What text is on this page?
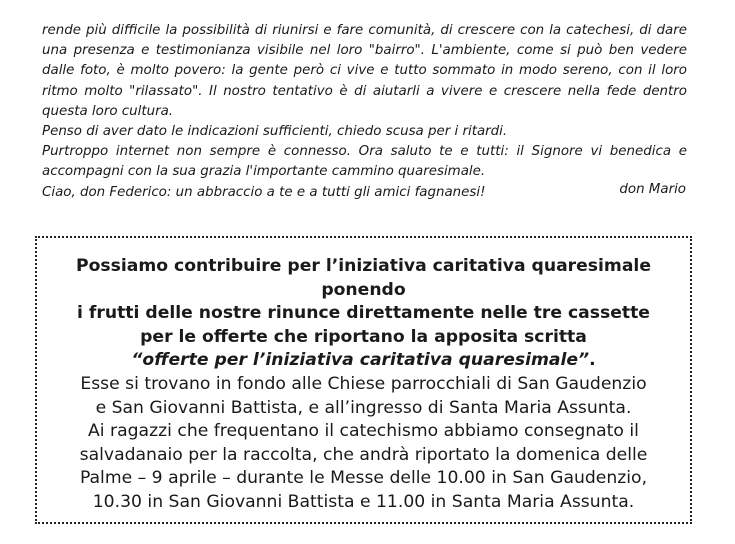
rende più difficile la possibilità di riunirsi e fare comunità, di crescere con la catechesi, di dare una presenza e testimonianza visibile nel loro "bairro". L'ambiente, come si può ben vedere dalle foto, è molto povero: la gente però ci vive e tutto sommato in modo sereno, con il loro ritmo molto "rilassato". Il nostro tentativo è di aiutarli a vivere e crescere nella fede dentro questa loro cultura.

Penso di aver dato le indicazioni sufficienti, chiedo scusa per i ritardi.

Purtroppo internet non sempre è connesso. Ora saluto te e tutti: il Signore vi benedica e accompagni con la sua grazia l'importante cammino quaresimale.

Ciao, don Federico: un abbraccio a te e a tutti gli amici fagnanesi!	don Mario
Possiamo contribuire per l’iniziativa caritativa quaresimale ponendo
i frutti delle nostre rinunce direttamente nelle tre cassette
per le offerte che riportano la apposita scritta
“offerte per l’iniziativa caritativa quaresimale”.
Esse si trovano in fondo alle Chiese parrocchiali di San Gaudenzio
e San Giovanni Battista, e all’ingresso di Santa Maria Assunta.
Ai ragazzi che frequentano il catechismo abbiamo consegnato il
salvadanaio per la raccolta, che andrà riportato la domenica delle
Palme – 9 aprile – durante le Messe delle 10.00 in San Gaudenzio,
10.30 in San Giovanni Battista e 11.00 in Santa Maria Assunta.
